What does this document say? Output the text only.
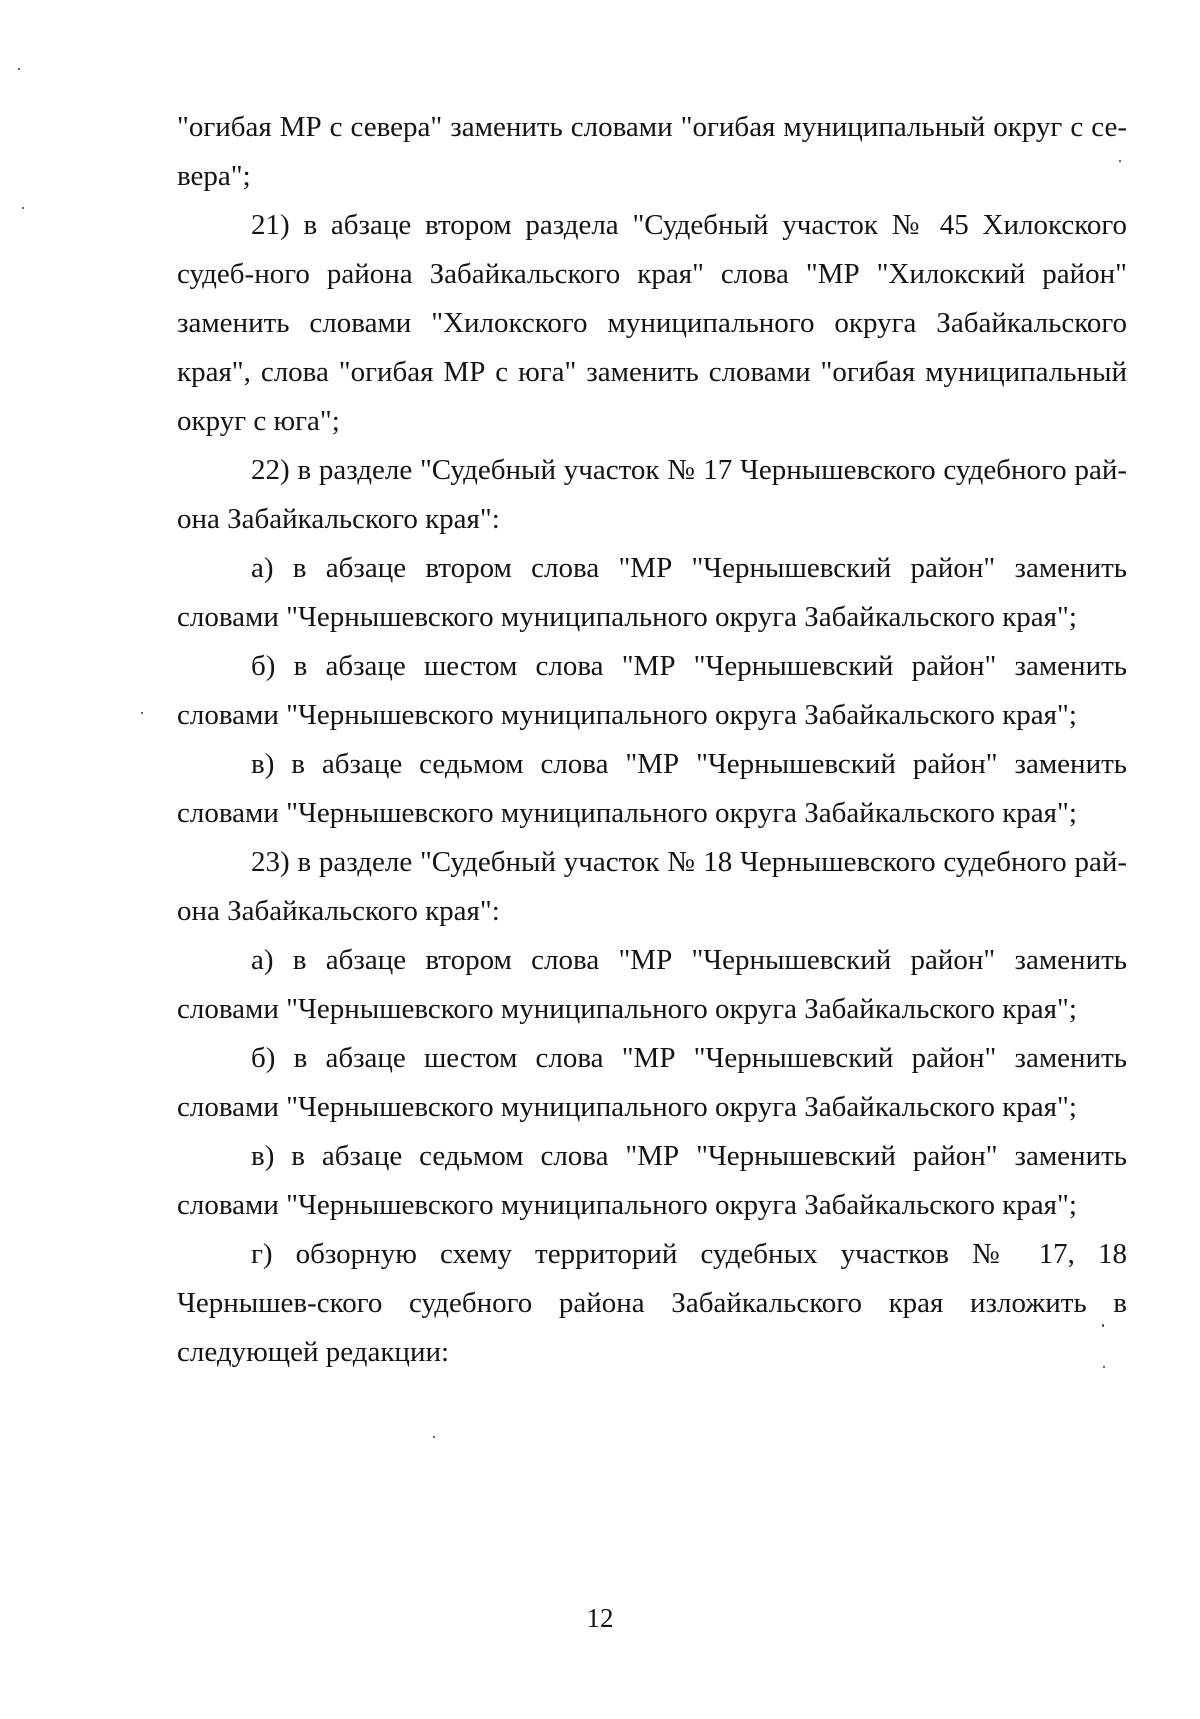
"огибая МР с севера" заменить словами "огибая муниципальный округ с се-вера";

21) в абзаце втором раздела "Судебный участок № 45 Хилокского судеб-ного района Забайкальского края" слова "МР "Хилокский район" заменить словами "Хилокского муниципального округа Забайкальского края", слова "огибая МР с юга" заменить словами "огибая муниципальный округ с юга";

22) в разделе "Судебный участок № 17 Чернышевского судебного рай-она Забайкальского края":

а) в абзаце втором слова "МР "Чернышевский район" заменить словами "Чернышевского муниципального округа Забайкальского края";

б) в абзаце шестом слова "МР "Чернышевский район" заменить словами "Чернышевского муниципального округа Забайкальского края";

в) в абзаце седьмом слова "МР "Чернышевский район" заменить словами "Чернышевского муниципального округа Забайкальского края";

23) в разделе "Судебный участок № 18 Чернышевского судебного рай-она Забайкальского края":

а) в абзаце втором слова "МР "Чернышевский район" заменить словами "Чернышевского муниципального округа Забайкальского края";

б) в абзаце шестом слова "МР "Чернышевский район" заменить словами "Чернышевского муниципального округа Забайкальского края";

в) в абзаце седьмом слова "МР "Чернышевский район" заменить словами "Чернышевского муниципального округа Забайкальского края";

г) обзорную схему территорий судебных участков № 17, 18 Чернышев-ского судебного района Забайкальского края изложить в следующей редакции:

12
